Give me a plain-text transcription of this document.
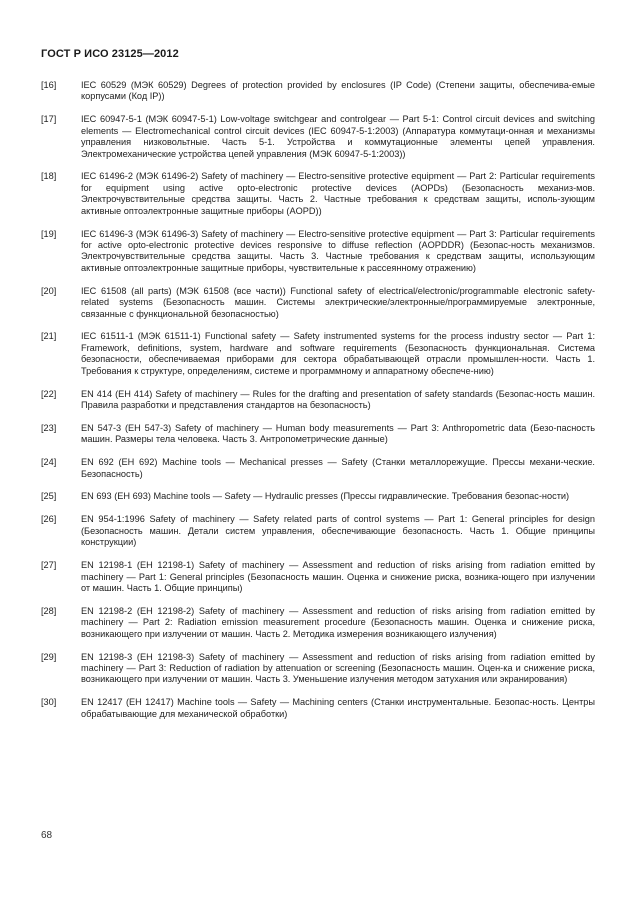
ГОСТ Р ИСО 23125—2012
[16]	IEC 60529 (МЭК 60529) Degrees of protection provided by enclosures (IP Code) (Степени защиты, обеспечива-емые корпусами (Код IP))
[17]	IEC 60947-5-1 (МЭК 60947-5-1) Low-voltage switchgear and controlgear — Part 5-1: Control circuit devices and switching elements — Electromechanical control circuit devices (IEC 60947-5-1:2003) (Аппаратура коммутаци-онная и механизмы управления низковольтные. Часть 5-1. Устройства и коммутационные элементы цепей управления. Электромеханические устройства цепей управления (МЭК 60947-5-1:2003))
[18]	IEC 61496-2 (МЭК 61496-2) Safety of machinery — Electro-sensitive protective equipment — Part 2: Particular requirements for equipment using active opto-electronic protective devices (AOPDs) (Безопасность механиз-мов. Электрочувствительные средства защиты. Часть 2. Частные требования к средствам защиты, исполь-зующим активные оптоэлектронные защитные приборы (AOPD))
[19]	IEC 61496-3 (МЭК 61496-3) Safety of machinery — Electro-sensitive protective equipment — Part 3: Particular requirements for active opto-electronic protective devices responsive to diffuse reflection (AOPDDR) (Безопас-ность механизмов. Электрочувствительные средства защиты. Часть 3. Частные требования к средствам защиты, использующим активные оптоэлектронные защитные приборы, чувствительные к рассеянному отражению)
[20]	IEC 61508 (all parts) (МЭК 61508 (все части)) Functional safety of electrical/electronic/programmable electronic safety-related systems (Безопасность машин. Системы электрические/электронные/программируемые электронные, связанные с функциональной безопасностью)
[21]	IEC 61511-1 (МЭК 61511-1) Functional safety — Safety instrumented systems for the process industry sector — Part 1: Framework, definitions, system, hardware and software requirements (Безопасность функциональная. Система безопасности, обеспечиваемая приборами для сектора обрабатывающей отрасли промышлен-ности. Часть 1. Требования к структуре, определениям, системе и программному и аппаратному обеспече-нию)
[22]	EN 414 (ЕН 414) Safety of machinery — Rules for the drafting and presentation of safety standards (Безопас-ность машин. Правила разработки и представления стандартов на безопасность)
[23]	EN 547-3 (ЕН 547-3) Safety of machinery — Human body measurements — Part 3: Anthropometric data (Безо-пасность машин. Размеры тела человека. Часть 3. Антропометрические данные)
[24]	EN 692 (ЕН 692) Machine tools — Mechanical presses — Safety (Станки металлорежущие. Прессы механи-ческие. Безопасность)
[25]	EN 693 (ЕН 693) Machine tools — Safety — Hydraulic presses (Прессы гидравлические. Требования безопас-ности)
[26]	EN 954-1:1996 Safety of machinery — Safety related parts of control systems — Part 1: General principles for design (Безопасность машин. Детали систем управления, обеспечивающие безопасность. Часть 1. Общие принципы конструкции)
[27]	EN 12198-1 (ЕН 12198-1) Safety of machinery — Assessment and reduction of risks arising from radiation emitted by machinery — Part 1: General principles (Безопасность машин. Оценка и снижение риска, возника-ющего при излучении от машин. Часть 1. Общие принципы)
[28]	EN 12198-2 (ЕН 12198-2) Safety of machinery — Assessment and reduction of risks arising from radiation emitted by machinery — Part 2: Radiation emission measurement procedure (Безопасность машин. Оценка и снижение риска, возникающего при излучении от машин. Часть 2. Методика измерения возникающего излучения)
[29]	EN 12198-3 (ЕН 12198-3) Safety of machinery — Assessment and reduction of risks arising from radiation emitted by machinery — Part 3: Reduction of radiation by attenuation or screening (Безопасность машин. Оцен-ка и снижение риска, возникающего при излучении от машин. Часть 3. Уменьшение излучения методом затухания или экранирования)
[30]	EN 12417 (ЕН 12417) Machine tools — Safety — Machining centers (Станки инструментальные. Безопас-ность. Центры обрабатывающие для механической обработки)
68
